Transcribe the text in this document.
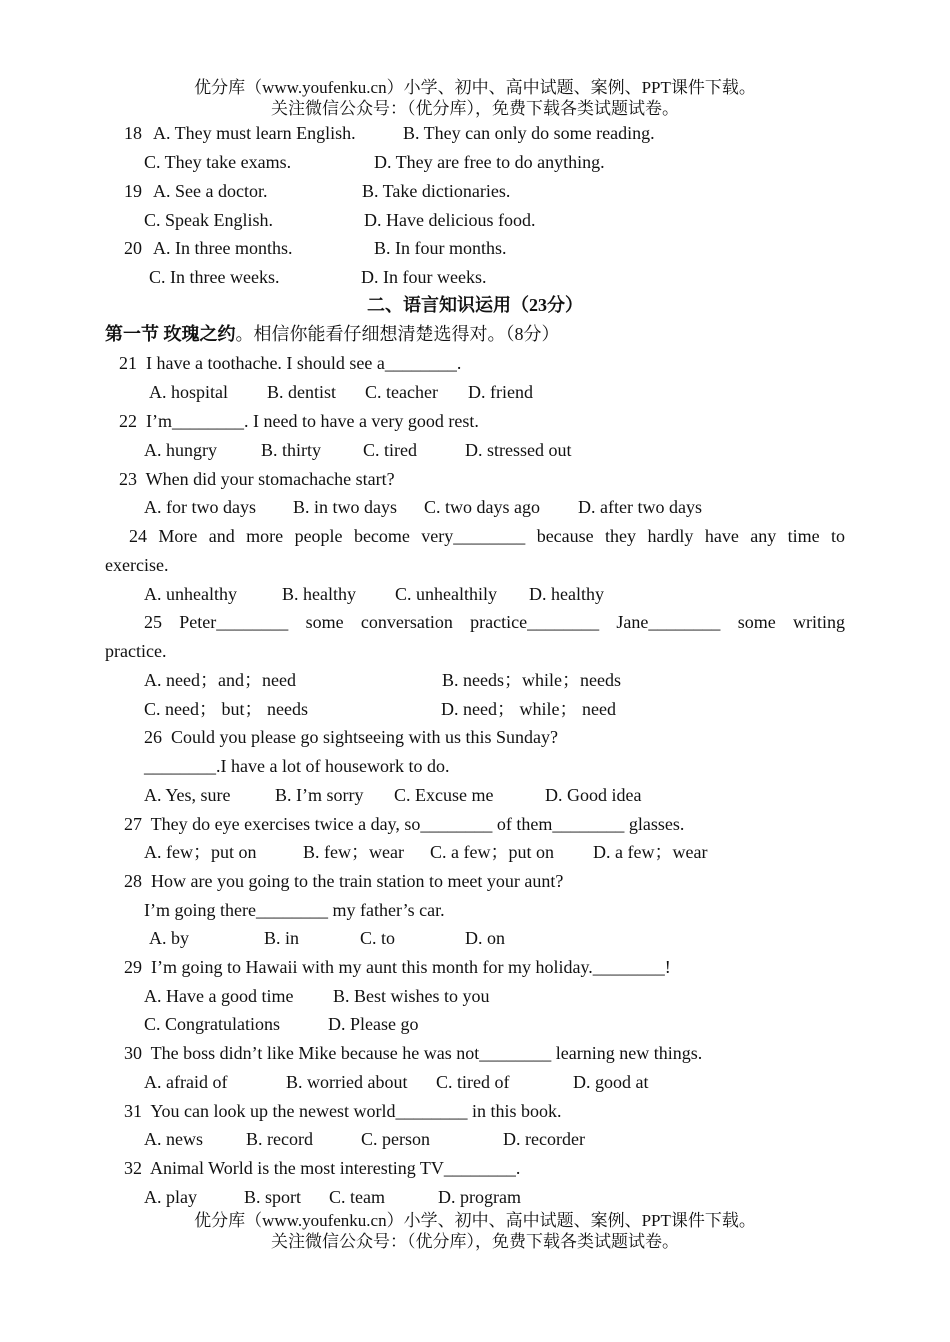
优分库（www.youfenku.cn）小学、初中、高中试题、案例、PPT课件下载。
关注微信公众号：（优分库），免费下载各类试题试卷。
18 A. They must learn English.	B. They can only do some reading.
C. They take exams.	D. They are free to do anything.
19 A. See a doctor.	B. Take dictionaries.
C. Speak English.	D. Have delicious food.
20 A. In three months.	B. In four months.
C. In three weeks.	D. In four weeks.
二、语言知识运用（23分）
第一节 玫瑰之约。相信你能看仔细想清楚选得对。（8分）
21  I have a toothache. I should see a________.
A. hospital B. dentist C. teacher D. friend
22  I’m________. I need to have a very good rest.
A. hungry B. thirty C. tired	D. stressed out
23  When did your stomachache start?
A. for two days B. in two days C. two days ago D. after two days
24 More and more people become very________ because they hardly have any time to
exercise.
A. unhealthy	B. healthy C. unhealthily D. healthy
25 Peter________ some conversation practice________ Jane________ some writing
practice.
A. need；and；need	B. needs；while；needs
C. need； but； needs	D. need； while； need
26  Could you please go sightseeing with us this Sunday?
________.I have a lot of housework to do.
A. Yes, sure B. I’m sorry C. Excuse me	D. Good idea
27  They do eye exercises twice a day, so________ of them________ glasses.
A. few；put on	B. few；wear C. a few；put on D. a few；wear
28  How are you going to the train station to meet your aunt?
I’m going there________ my father’s car.
A. by	B. in	C. to	D. on
29  I’m going to Hawaii with my aunt this month for my holiday.________!
A. Have a good time B. Best wishes to you
C. Congratulations	D. Please go
30  The boss didn’t like Mike because he was not________ learning new things.
A. afraid of	B. worried about C. tired of	D. good at
31  You can look up the newest world________ in this book.
A. news B. record	C. person	D. recorder
32  Animal World is the most interesting TV________.
A. play	B. sport C. team	D. program
优分库（www.youfenku.cn）小学、初中、高中试题、案例、PPT课件下载。
关注微信公众号：（优分库），免费下载各类试题试卷。
